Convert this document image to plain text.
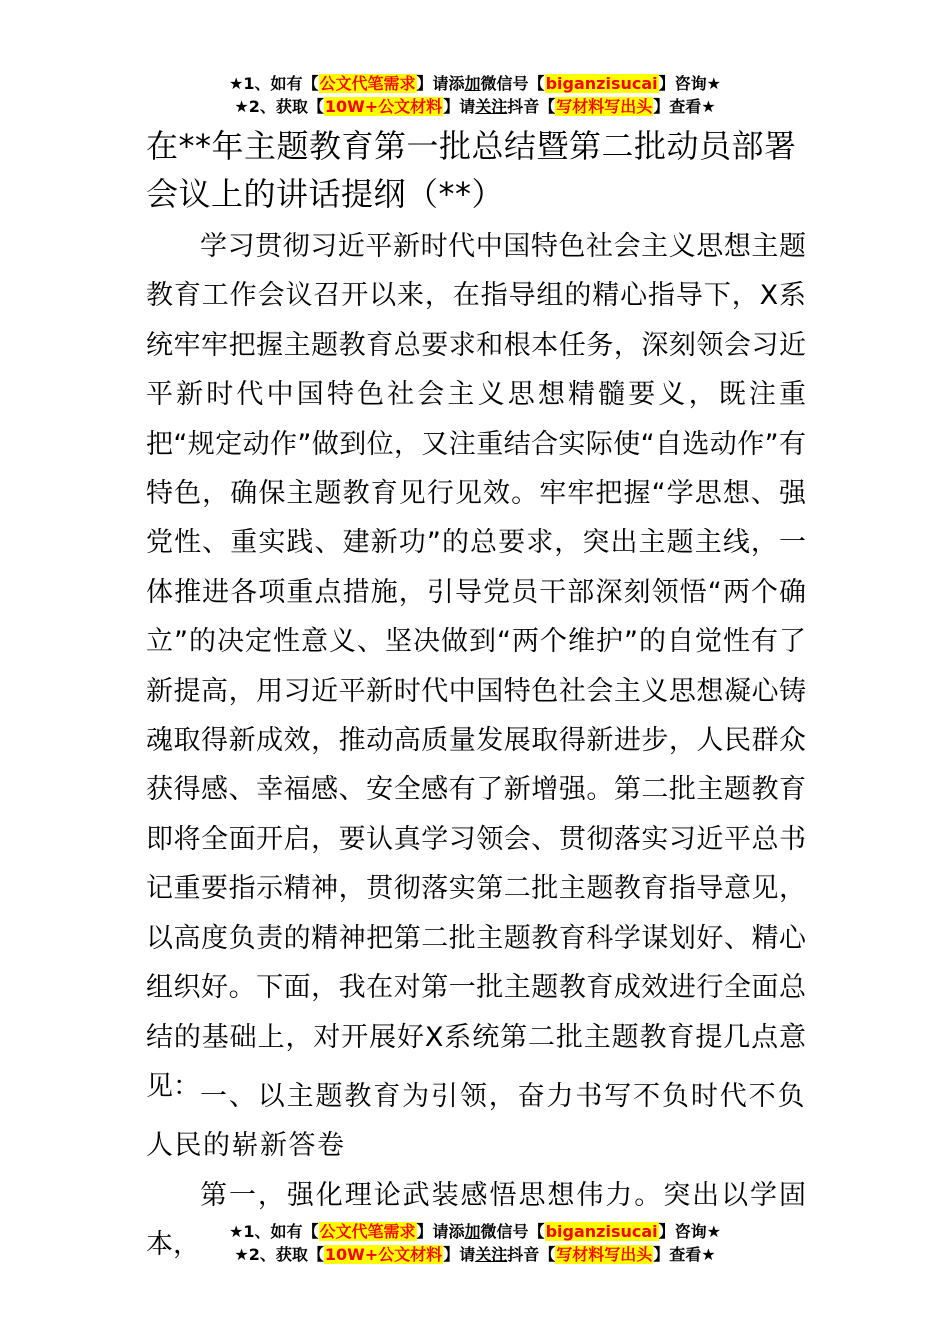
★1、如有【公文代笔需求】请添加微信号【biganzisucai】咨询★
★2、获取【10W+公文材料】请关注抖音【写材料写出头】查看★
在**年主题教育第一批总结暨第二批动员部署会议上的讲话提纲（**）

学习贯彻习近平新时代中国特色社会主义思想主题教育工作会议召开以来，在指导组的精心指导下，X系统牢牢把握主题教育总要求和根本任务，深刻领会习近平新时代中国特色社会主义思想精髓要义，既注重把“规定动作”做到位，又注重结合实际使“自选动作”有特色，确保主题教育见行见效。牢牢把握“学思想、强党性、重实践、建新功”的总要求，突出主题主线，一体推进各项重点措施，引导党员干部深刻领悟“两个确立”的决定性意义、坚决做到“两个维护”的自觉性有了新提高，用习近平新时代中国特色社会主义思想凝心铸魂取得新成效，推动高质量发展取得新进步，人民群众获得感、幸福感、安全感有了新增强。第二批主题教育即将全面开启，要认真学习领会、贯彻落实习近平总书记重要指示精神，贯彻落实第二批主题教育指导意见，以高度负责的精神把第二批主题教育科学谋划好、精心组织好。下面，我在对第一批主题教育成效进行全面总结的基础上，对开展好X系统第二批主题教育提几点意见： 一、以主题教育为引领，奋力书写不负时代不负人民的崭新答卷

第一，强化理论武装感悟思想伟力。突出以学固本，	★1、如有【公文代笔需求】请添加微信号【biganzisucai】咨询★
★2、获取【10W+公文材料】请关注抖音【写材料写出头】查看★
